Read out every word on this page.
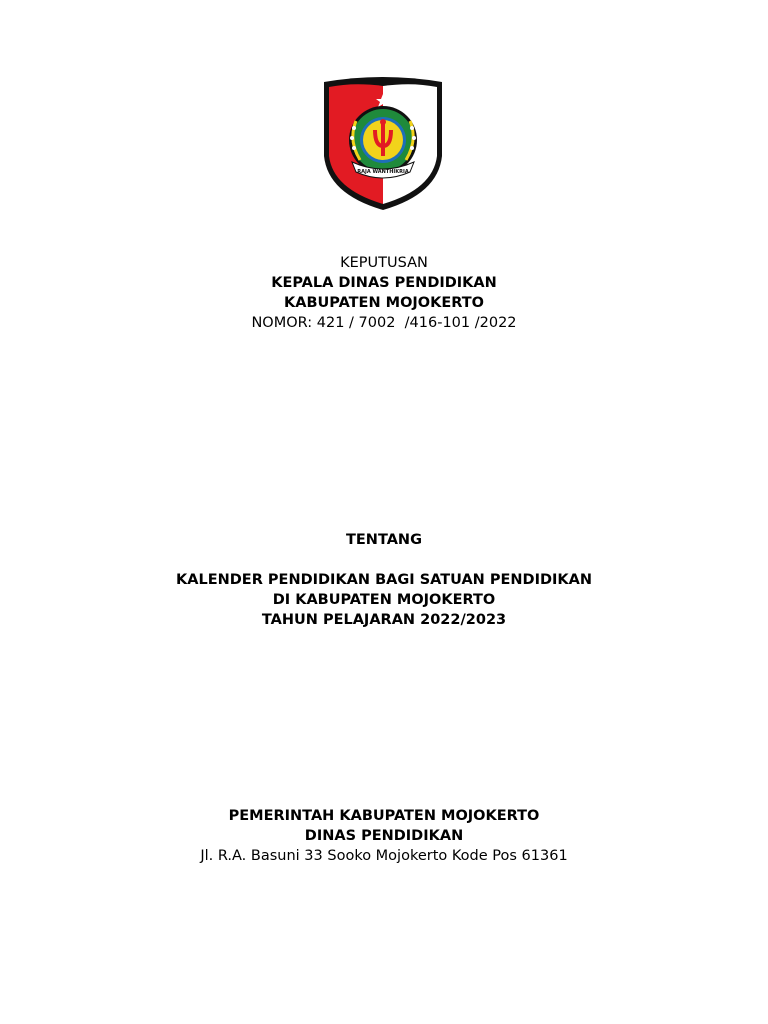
RAJA WANTHIKRIA
KEPUTUSAN
KEPALA DINAS PENDIDIKAN
KABUPATEN MOJOKERTO
NOMOR: 421 / 7002  /416-101 /2022
TENTANG
KALENDER PENDIDIKAN BAGI SATUAN PENDIDIKAN
DI KABUPATEN MOJOKERTO
TAHUN PELAJARAN 2022/2023
PEMERINTAH KABUPATEN MOJOKERTO
DINAS PENDIDIKAN
Jl. R.A. Basuni 33 Sooko Mojokerto Kode Pos 61361
